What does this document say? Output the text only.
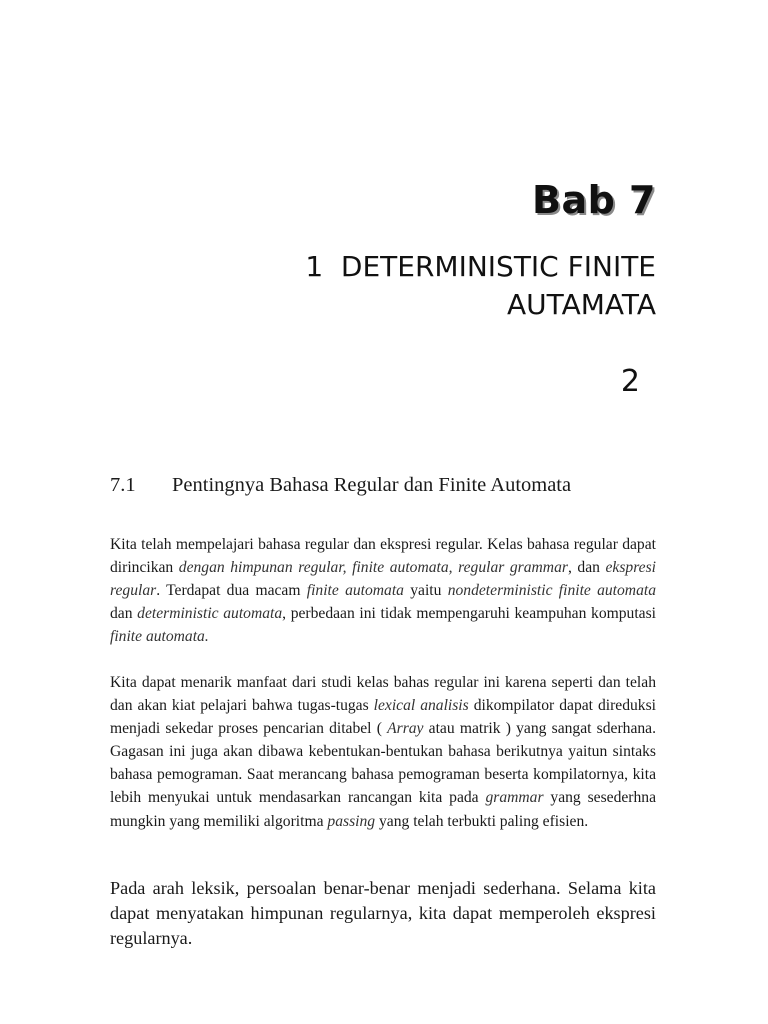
Bab 7
1  DETERMINISTIC FINITE
AUTAMATA
2
7.1 Pentingnya Bahasa Regular dan Finite Automata

Kita telah mempelajari bahasa regular dan ekspresi regular. Kelas bahasa regular dapat dirincikan dengan himpunan regular, finite automata, regular grammar, dan ekspresi regular. Terdapat dua macam finite automata yaitu nondeterministic finite automata dan deterministic automata, perbedaan ini tidak mempengaruhi keampuhan komputasi finite automata.

Kita dapat menarik manfaat dari studi kelas bahas regular ini karena seperti dan telah dan akan kiat pelajari bahwa tugas-tugas lexical analisis dikompilator dapat direduksi menjadi sekedar proses pencarian ditabel ( Array atau matrik ) yang sangat sderhana. Gagasan ini juga akan dibawa kebentukan-bentukan bahasa berikutnya yaitun sintaks bahasa pemograman. Saat merancang bahasa pemograman beserta kompilatornya, kita lebih menyukai untuk mendasarkan rancangan kita pada grammar yang sesederhna mungkin yang memiliki algoritma passing yang telah terbukti paling efisien.

Pada arah leksik, persoalan benar-benar menjadi sederhana. Selama kita dapat menyatakan himpunan regularnya, kita dapat memperoleh ekspresi regularnya.
